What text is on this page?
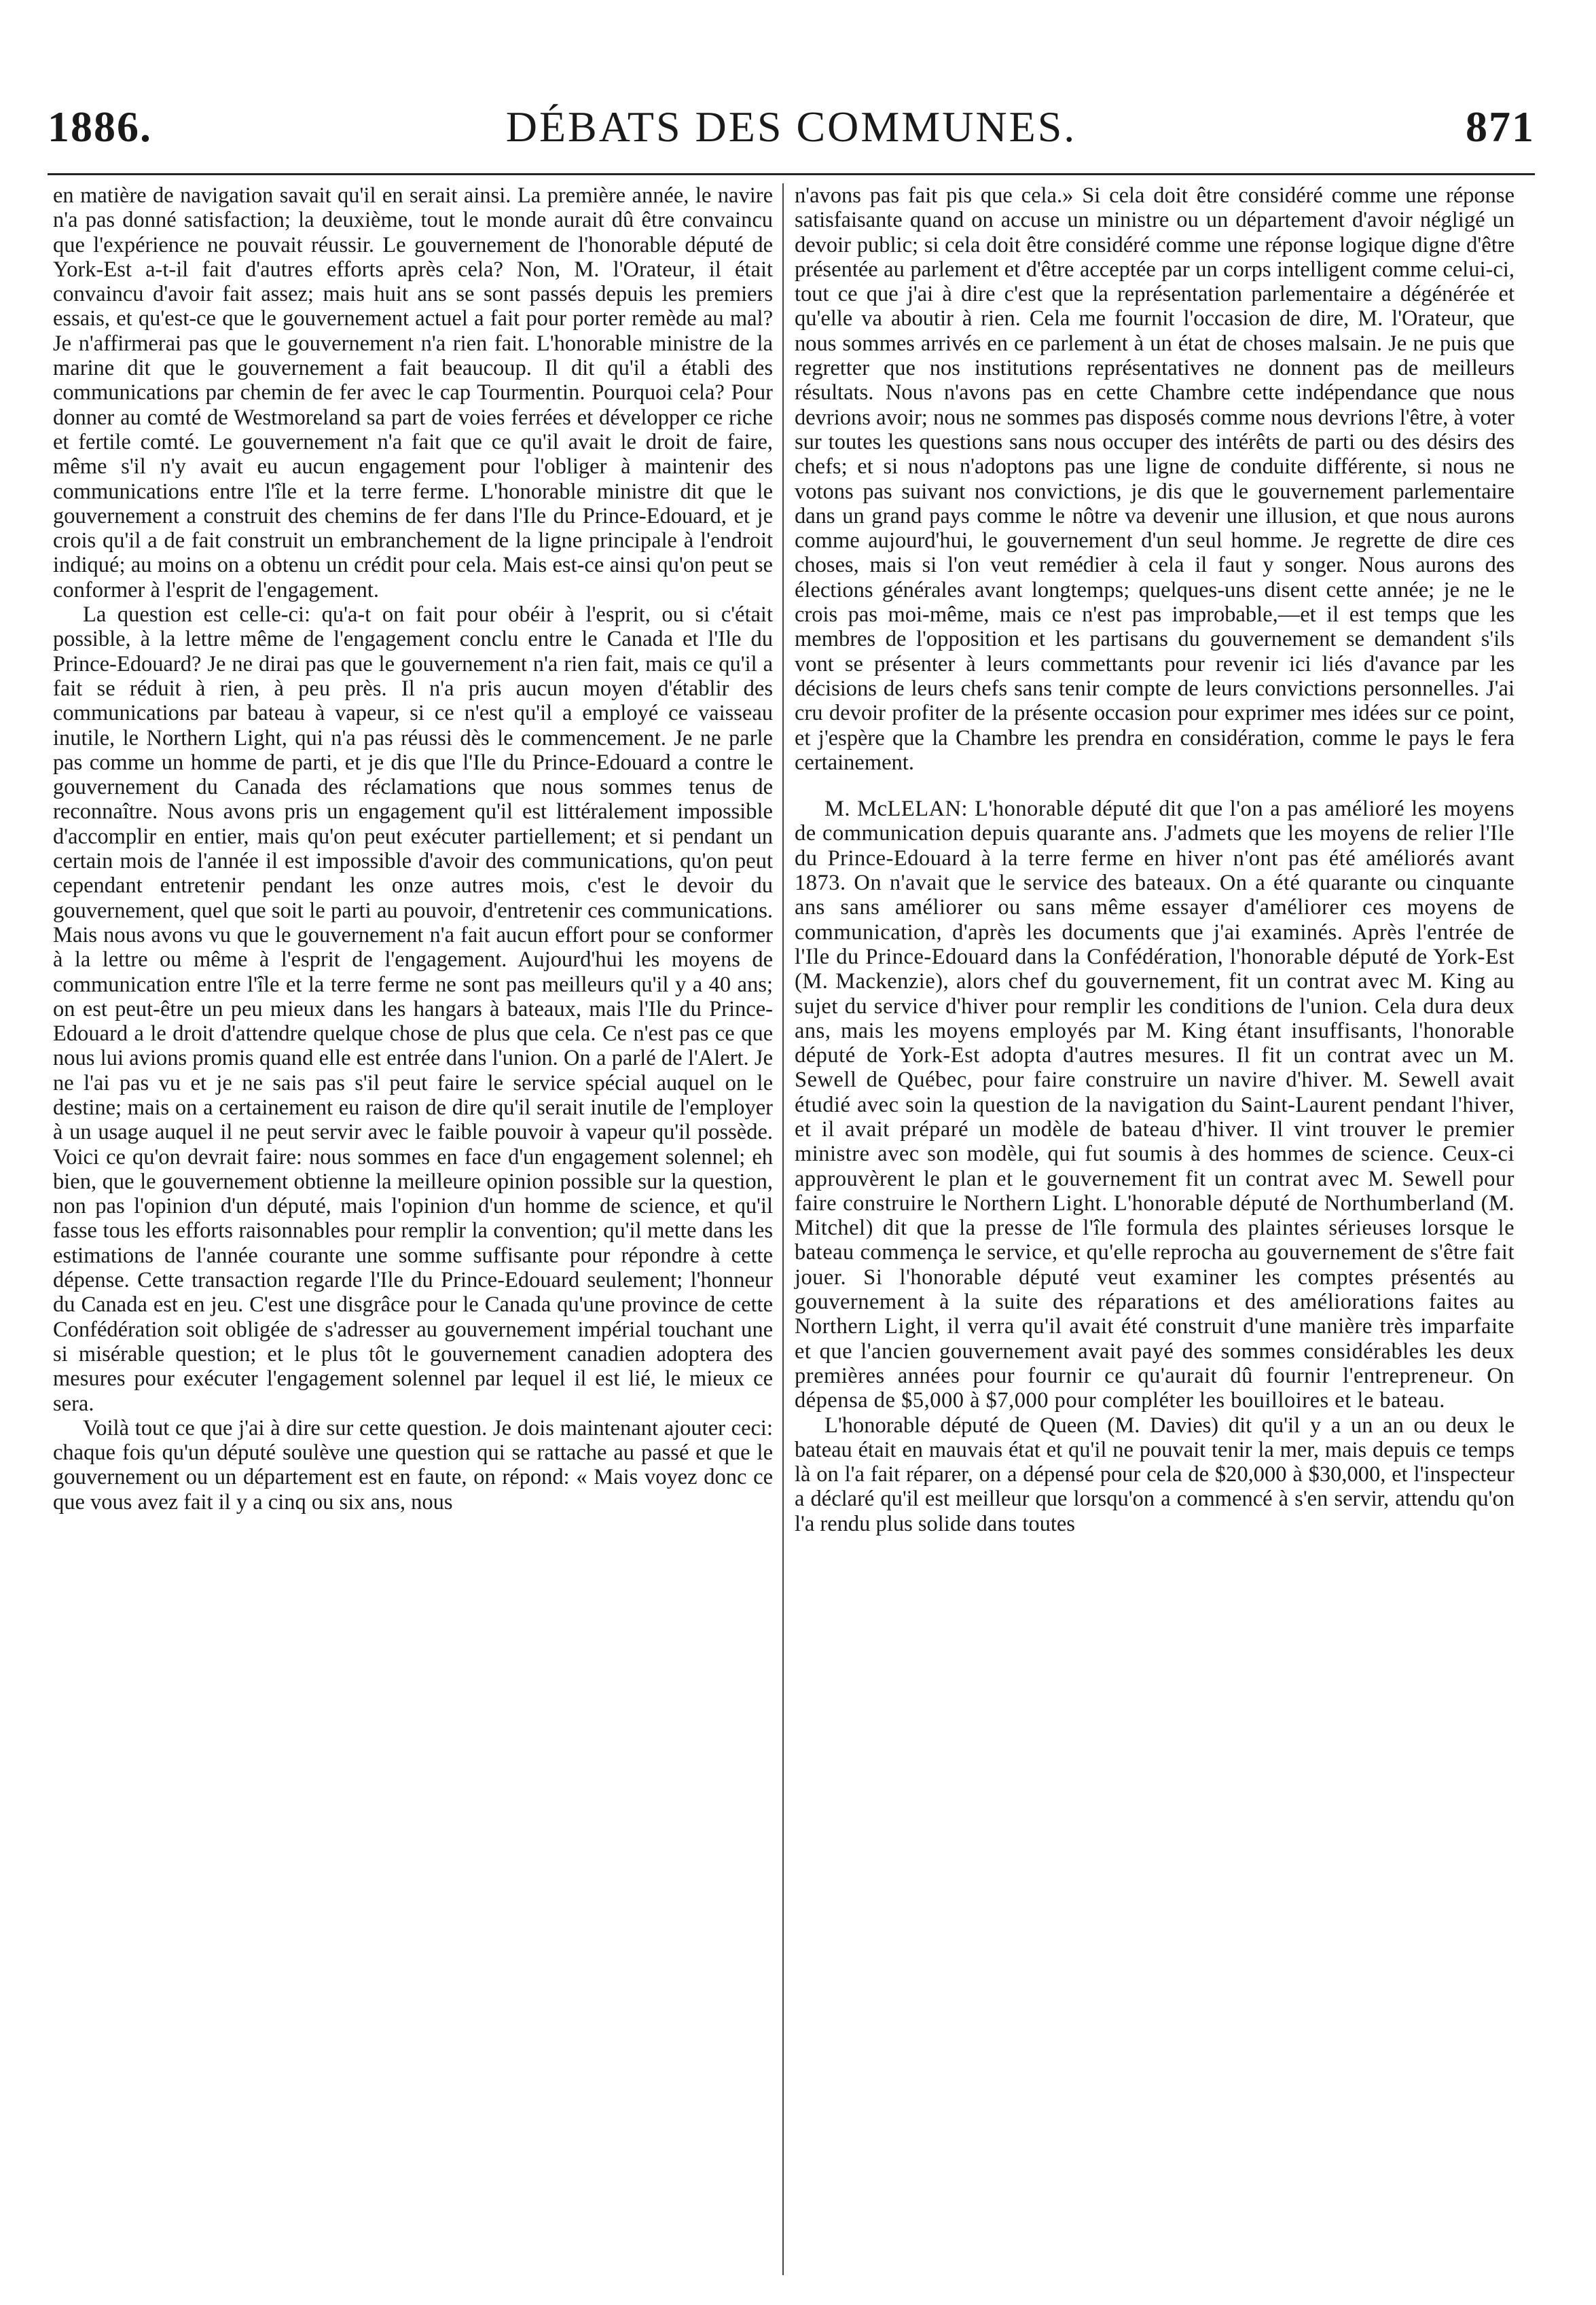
1886.	DÉBATS DES COMMUNES.	871

en matière de navigation savait qu'il en serait ainsi. La première année, le navire n'a pas donné satisfaction; la deuxième, tout le monde aurait dû être convaincu que l'expérience ne pouvait réussir. Le gouvernement de l'honorable député de York-Est a-t-il fait d'autres efforts après cela? Non, M. l'Orateur, il était convaincu d'avoir fait assez; mais huit ans se sont passés depuis les premiers essais, et qu'est-ce que le gouvernement actuel a fait pour porter remède au mal? Je n'affirmerai pas que le gouvernement n'a rien fait. L'honorable ministre de la marine dit que le gouvernement a fait beaucoup. Il dit qu'il a établi des communications par chemin de fer avec le cap Tourmentin. Pourquoi cela? Pour donner au comté de Westmoreland sa part de voies ferrées et développer ce riche et fertile comté. Le gouvernement n'a fait que ce qu'il avait le droit de faire, même s'il n'y avait eu aucun engagement pour l'obliger à maintenir des communications entre l'île et la terre ferme. L'honorable ministre dit que le gouvernement a construit des chemins de fer dans l'Ile du Prince-Edouard, et je crois qu'il a de fait construit un embranchement de la ligne principale à l'endroit indiqué; au moins on a obtenu un crédit pour cela. Mais est-ce ainsi qu'on peut se conformer à l'esprit de l'engagement.

La question est celle-ci: qu'a-t on fait pour obéir à l'esprit, ou si c'était possible, à la lettre même de l'engagement conclu entre le Canada et l'Ile du Prince-Edouard? Je ne dirai pas que le gouvernement n'a rien fait, mais ce qu'il a fait se réduit à rien, à peu près. Il n'a pris aucun moyen d'établir des communications par bateau à vapeur, si ce n'est qu'il a employé ce vaisseau inutile, le Northern Light, qui n'a pas réussi dès le commencement. Je ne parle pas comme un homme de parti, et je dis que l'Ile du Prince-Edouard a contre le gouvernement du Canada des réclamations que nous sommes tenus de reconnaître. Nous avons pris un engagement qu'il est littéralement impossible d'accomplir en entier, mais qu'on peut exécuter partiellement; et si pendant un certain mois de l'année il est impossible d'avoir des communications, qu'on peut cependant entretenir pendant les onze autres mois, c'est le devoir du gouvernement, quel que soit le parti au pouvoir, d'entretenir ces communications. Mais nous avons vu que le gouvernement n'a fait aucun effort pour se conformer à la lettre ou même à l'esprit de l'engagement. Aujourd'hui les moyens de communication entre l'île et la terre ferme ne sont pas meilleurs qu'il y a 40 ans; on est peut-être un peu mieux dans les hangars à bateaux, mais l'Ile du Prince-Edouard a le droit d'attendre quelque chose de plus que cela. Ce n'est pas ce que nous lui avions promis quand elle est entrée dans l'union. On a parlé de l'Alert. Je ne l'ai pas vu et je ne sais pas s'il peut faire le service spécial auquel on le destine; mais on a certainement eu raison de dire qu'il serait inutile de l'employer à un usage auquel il ne peut servir avec le faible pouvoir à vapeur qu'il possède. Voici ce qu'on devrait faire: nous sommes en face d'un engagement solennel; eh bien, que le gouvernement obtienne la meilleure opinion possible sur la question, non pas l'opinion d'un député, mais l'opinion d'un homme de science, et qu'il fasse tous les efforts raisonnables pour remplir la convention; qu'il mette dans les estimations de l'année courante une somme suffisante pour répondre à cette dépense. Cette transaction regarde l'Ile du Prince-Edouard seulement; l'honneur du Canada est en jeu. C'est une disgrâce pour le Canada qu'une province de cette Confédération soit obligée de s'adresser au gouvernement impérial touchant une si misérable question; et le plus tôt le gouvernement canadien adoptera des mesures pour exécuter l'engagement solennel par lequel il est lié, le mieux ce sera.

Voilà tout ce que j'ai à dire sur cette question. Je dois maintenant ajouter ceci: chaque fois qu'un député soulève une question qui se rattache au passé et que le gouvernement ou un département est en faute, on répond: « Mais voyez donc ce que vous avez fait il y a cinq ou six ans, nous

n'avons pas fait pis que cela.» Si cela doit être considéré comme une réponse satisfaisante quand on accuse un ministre ou un département d'avoir négligé un devoir public; si cela doit être considéré comme une réponse logique digne d'être présentée au parlement et d'être acceptée par un corps intelligent comme celui-ci, tout ce que j'ai à dire c'est que la représentation parlementaire a dégénérée et qu'elle va aboutir à rien. Cela me fournit l'occasion de dire, M. l'Orateur, que nous sommes arrivés en ce parlement à un état de choses malsain. Je ne puis que regretter que nos institutions représentatives ne donnent pas de meilleurs résultats. Nous n'avons pas en cette Chambre cette indépendance que nous devrions avoir; nous ne sommes pas disposés comme nous devrions l'être, à voter sur toutes les questions sans nous occuper des intérêts de parti ou des désirs des chefs; et si nous n'adoptons pas une ligne de conduite différente, si nous ne votons pas suivant nos convictions, je dis que le gouvernement parlementaire dans un grand pays comme le nôtre va devenir une illusion, et que nous aurons comme aujourd'hui, le gouvernement d'un seul homme. Je regrette de dire ces choses, mais si l'on veut remédier à cela il faut y songer. Nous aurons des élections générales avant longtemps; quelques-uns disent cette année; je ne le crois pas moi-même, mais ce n'est pas improbable,—et il est temps que les membres de l'opposition et les partisans du gouvernement se demandent s'ils vont se présenter à leurs commettants pour revenir ici liés d'avance par les décisions de leurs chefs sans tenir compte de leurs convictions personnelles. J'ai cru devoir profiter de la présente occasion pour exprimer mes idées sur ce point, et j'espère que la Chambre les prendra en considération, comme le pays le fera certainement.

M. McLELAN: L'honorable député dit que l'on a pas amélioré les moyens de communication depuis quarante ans. J'admets que les moyens de relier l'Ile du Prince-Edouard à la terre ferme en hiver n'ont pas été améliorés avant 1873. On n'avait que le service des bateaux. On a été quarante ou cinquante ans sans améliorer ou sans même essayer d'améliorer ces moyens de communication, d'après les documents que j'ai examinés. Après l'entrée de l'Ile du Prince-Edouard dans la Confédération, l'honorable député de York-Est (M. Mackenzie), alors chef du gouvernement, fit un contrat avec M. King au sujet du service d'hiver pour remplir les conditions de l'union. Cela dura deux ans, mais les moyens employés par M. King étant insuffisants, l'honorable député de York-Est adopta d'autres mesures. Il fit un contrat avec un M. Sewell de Québec, pour faire construire un navire d'hiver. M. Sewell avait étudié avec soin la question de la navigation du Saint-Laurent pendant l'hiver, et il avait préparé un modèle de bateau d'hiver. Il vint trouver le premier ministre avec son modèle, qui fut soumis à des hommes de science. Ceux-ci approuvèrent le plan et le gouvernement fit un contrat avec M. Sewell pour faire construire le Northern Light. L'honorable député de Northumberland (M. Mitchel) dit que la presse de l'île formula des plaintes sérieuses lorsque le bateau commença le service, et qu'elle reprocha au gouvernement de s'être fait jouer. Si l'honorable député veut examiner les comptes présentés au gouvernement à la suite des réparations et des améliorations faites au Northern Light, il verra qu'il avait été construit d'une manière très imparfaite et que l'ancien gouvernement avait payé des sommes considérables les deux premières années pour fournir ce qu'aurait dû fournir l'entrepreneur. On dépensa de $5,000 à $7,000 pour compléter les bouilloires et le bateau.

L'honorable député de Queen (M. Davies) dit qu'il y a un an ou deux le bateau était en mauvais état et qu'il ne pouvait tenir la mer, mais depuis ce temps là on l'a fait réparer, on a dépensé pour cela de $20,000 à $30,000, et l'inspecteur a déclaré qu'il est meilleur que lorsqu'on a commencé à s'en servir, attendu qu'on l'a rendu plus solide dans toutes
